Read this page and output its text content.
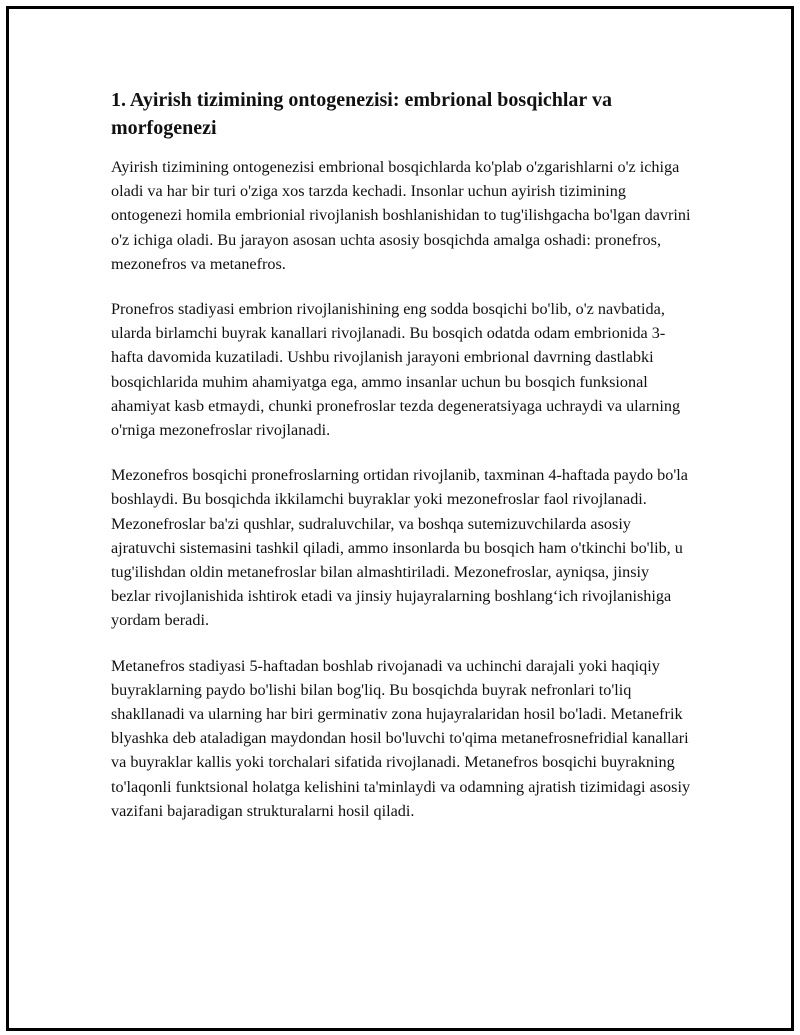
1. Ayirish tizimining ontogenezisi: embrional bosqichlar va morfogenezi

Ayirish tizimining ontogenezisi embrional bosqichlarda ko'plab o'zgarishlarni o'z ichiga oladi va har bir turi o'ziga xos tarzda kechadi. Insonlar uchun ayirish tizimining ontogenezi homila embrionial rivojlanish boshlanishidan to tug'ilishgacha bo'lgan davrini o'z ichiga oladi. Bu jarayon asosan uchta asosiy bosqichda amalga oshadi: pronefros, mezonefros va metanefros.

Pronefros stadiyasi embrion rivojlanishining eng sodda bosqichi bo'lib, o'z navbatida, ularda birlamchi buyrak kanallari rivojlanadi. Bu bosqich odatda odam embrionida 3-hafta davomida kuzatiladi. Ushbu rivojlanish jarayoni embrional davrning dastlabki bosqichlarida muhim ahamiyatga ega, ammo insanlar uchun bu bosqich funksional ahamiyat kasb etmaydi, chunki pronefroslar tezda degeneratsiyaga uchraydi va ularning o'rniga mezonefroslar rivojlanadi.

Mezonefros bosqichi pronefroslarning ortidan rivojlanib, taxminan 4-haftada paydo bo'la boshlaydi. Bu bosqichda ikkilamchi buyraklar yoki mezonefroslar faol rivojlanadi. Mezonefroslar ba'zi qushlar, sudraluvchilar, va boshqa sutemizuvchilarda asosiy ajratuvchi sistemasini tashkil qiladi, ammo insonlarda bu bosqich ham o'tkinchi bo'lib, u tug'ilishdan oldin metanefroslar bilan almashtiriladi. Mezonefroslar, ayniqsa, jinsiy bezlar rivojlanishida ishtirok etadi va jinsiy hujayralarning boshlang‘ich rivojlanishiga yordam beradi.

Metanefros stadiyasi 5-haftadan boshlab rivojanadi va uchinchi darajali yoki haqiqiy buyraklarning paydo bo'lishi bilan bog'liq. Bu bosqichda buyrak nefronlari to'liq shakllanadi va ularning har biri germinativ zona hujayralaridan hosil bo'ladi. Metanefrik blyashka deb ataladigan maydondan hosil bo'luvchi to'qima metanefrosnefridial kanallari va buyraklar kallis yoki torchalari sifatida rivojlanadi. Metanefros bosqichi buyrakning to'laqonli funktsional holatga kelishini ta'minlaydi va odamning ajratish tizimidagi asosiy vazifani bajaradigan strukturalarni hosil qiladi.
